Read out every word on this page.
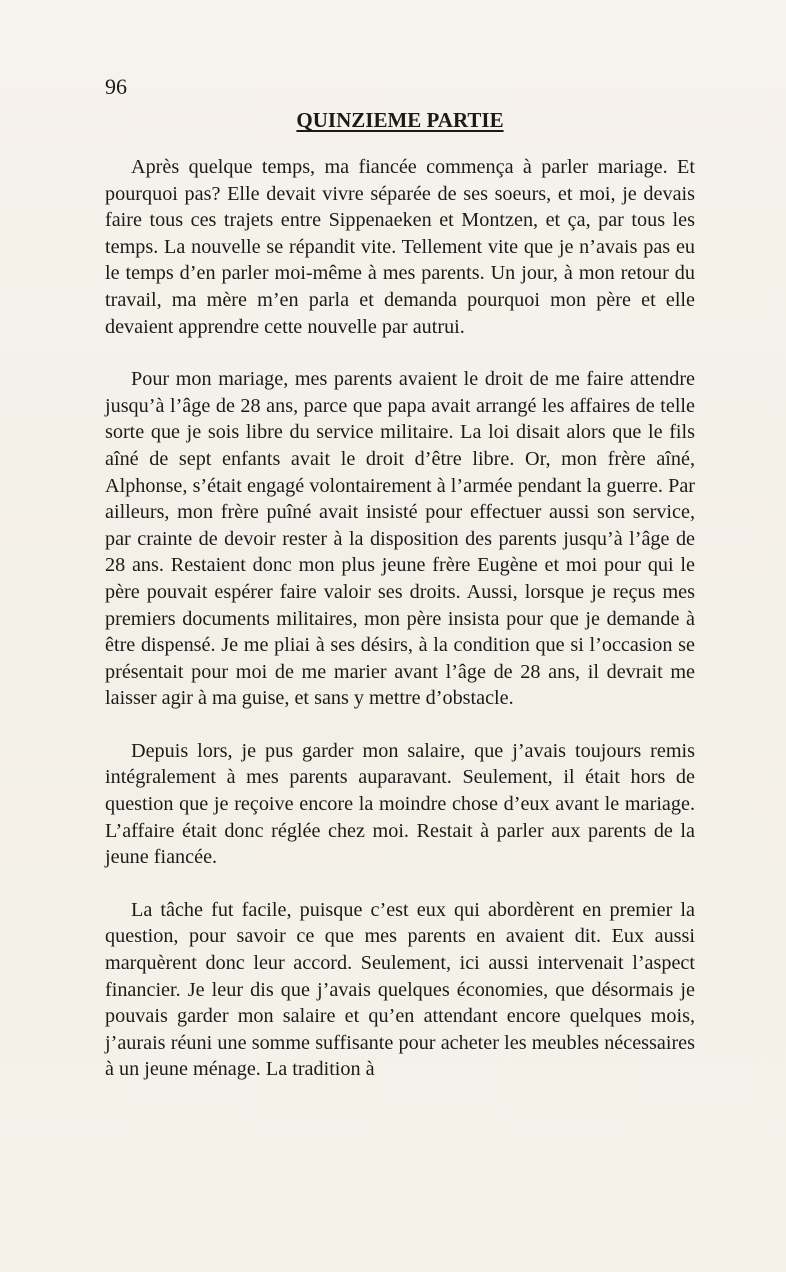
96
QUINZIEME PARTIE

Après quelque temps, ma fiancée commença à parler mariage. Et pourquoi pas? Elle devait vivre séparée de ses soeurs, et moi, je devais faire tous ces trajets entre Sippenaeken et Montzen, et ça, par tous les temps. La nouvelle se répandit vite. Tellement vite que je n’avais pas eu le temps d’en parler moi-même à mes parents. Un jour, à mon retour du travail, ma mère m’en parla et demanda pourquoi mon père et elle devaient apprendre cette nouvelle par autrui.

Pour mon mariage, mes parents avaient le droit de me faire attendre jusqu’à l’âge de 28 ans, parce que papa avait arrangé les affaires de telle sorte que je sois libre du service militaire. La loi disait alors que le fils aîné de sept enfants avait le droit d’être libre. Or, mon frère aîné, Alphonse, s’était engagé volontairement à l’armée pendant la guerre. Par ailleurs, mon frère puîné avait insisté pour effectuer aussi son service, par crainte de devoir rester à la disposition des parents jusqu’à l’âge de 28 ans. Restaient donc mon plus jeune frère Eugène et moi pour qui le père pouvait espérer faire valoir ses droits. Aussi, lorsque je reçus mes premiers documents militaires, mon père insista pour que je demande à être dispensé. Je me pliai à ses désirs, à la condition que si l’occasion se présentait pour moi de me marier avant l’âge de 28 ans, il devrait me laisser agir à ma guise, et sans y mettre d’obstacle.

Depuis lors, je pus garder mon salaire, que j’avais toujours remis intégralement à mes parents auparavant. Seulement, il était hors de question que je reçoive encore la moindre chose d’eux avant le mariage. L’affaire était donc réglée chez moi. Restait à parler aux parents de la jeune fiancée.

La tâche fut facile, puisque c’est eux qui abordèrent en premier la question, pour savoir ce que mes parents en avaient dit. Eux aussi marquèrent donc leur accord. Seulement, ici aussi intervenait l’aspect financier. Je leur dis que j’avais quelques économies, que désormais je pouvais garder mon salaire et qu’en attendant encore quelques mois, j’aurais réuni une somme suffisante pour acheter les meubles nécessaires à un jeune ménage. La tradition à
